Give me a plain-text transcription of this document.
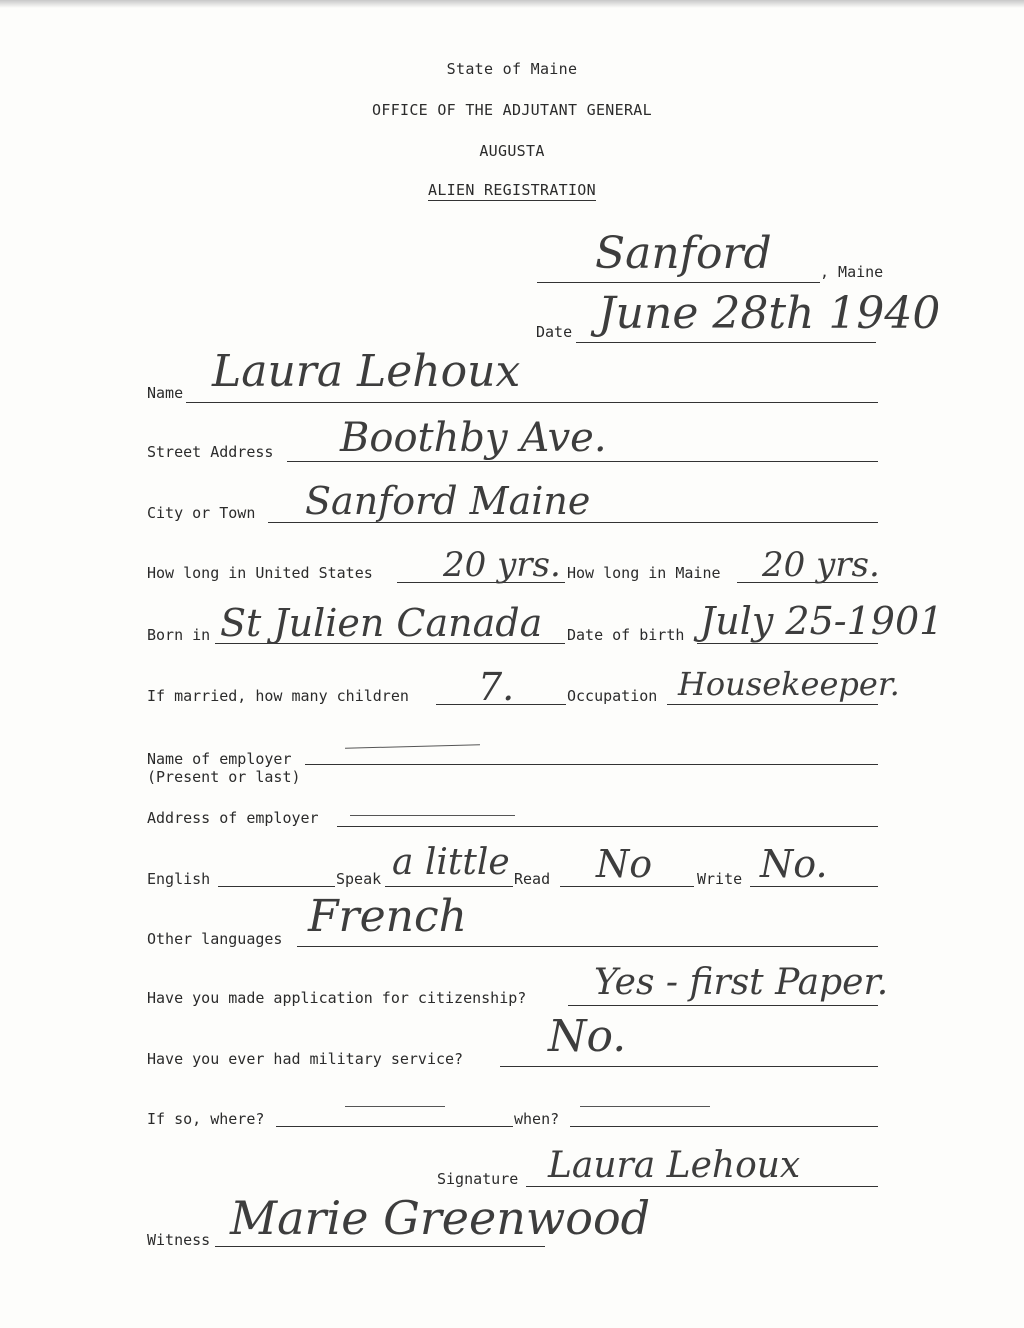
State of Maine
OFFICE OF THE ADJUTANT GENERAL
AUGUSTA
ALIEN REGISTRATION
Sanford	, Maine
Date June 28th 1940
Name Laura Lehoux
Street Address Boothby Ave.
City or Town Sanford Maine
How long in United States 20 yrs. How long in Maine 20 yrs.
Born in St Julien Canada Date of birth July 25-1901
If married, how many children 7.	Occupation Housekeeper.
Name of employer
(Present or last)
Address of employer
English	Speak a little Read No	Write No.
Other languages French
Have you made application for citizenship? Yes - first Paper.
Have you ever had military service? No.
If so, where?	when?
Signature Laura Lehoux
Witness Marie Greenwood
